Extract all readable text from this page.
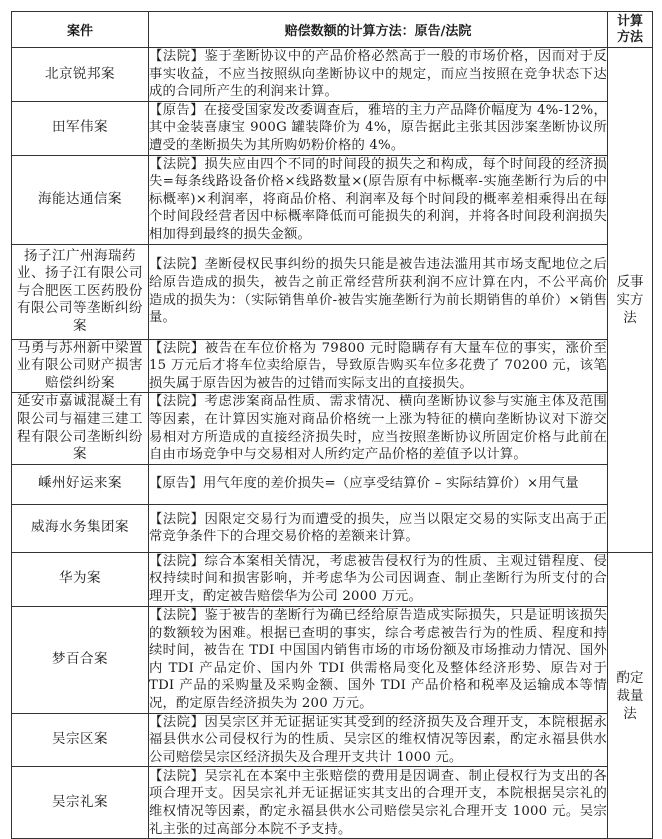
案件	赔偿数额的计算方法：原告/法院	计算方法
北京锐邦案	【法院】鉴于垄断协议中的产品价格必然高于一般的市场价格，因而对于反事实收益，不应当按照纵向垄断协议中的规定，而应当按照在竞争状态下达成的合同所产生的利润来计算。	反事实方法
田军伟案	【原告】在接受国家发改委调查后，雅培的主力产品降价幅度为 4%-12%，其中金装喜康宝 900G 罐装降价为 4%，原告据此主张其因涉案垄断协议所遭受的垄断损失为其所购奶粉价格的 4%。	
海能达通信案	【法院】损失应由四个不同的时间段的损失之和构成，每个时间段的经济损失=每条线路设备价格×线路数量×(原告原有中标概率-实施垄断行为后的中标概率)×利润率，将商品价格、利润率及每个时间段的概率差相乘得出在每个时间段经营者因中标概率降低而可能损失的利润，并将各时间段利润损失相加得到最终的损失金额。	
扬子江广州海瑞药业、扬子江有限公司与合肥医工医药股份有限公司等垄断纠纷案	【法院】垄断侵权民事纠纷的损失只能是被告违法滥用其市场支配地位之后给原告造成的损失，被告之前正常经营所获利润不应计算在内，不公平高价造成的损失为：（实际销售单价-被告实施垄断行为前长期销售的单价）×销售量。	
马勇与苏州新中梁置业有限公司财产损害赔偿纠纷案	【法院】被告在车位价格为 79800 元时隐瞒存有大量车位的事实，涨价至 15 万元后才将车位卖给原告，导致原告购买车位多花费了 70200 元，该笔损失属于原告因为被告的过错而实际支出的直接损失。	
延安市嘉诚混凝土有限公司与福建三建工程有限公司垄断纠纷案	【法院】考虑涉案商品性质、需求情况、横向垄断协议参与实施主体及范围等因素，在计算因实施对商品价格统一上涨为特征的横向垄断协议对下游交易相对方所造成的直接经济损失时，应当按照垄断协议所固定价格与此前在自由市场竞争中与交易相对人所约定产品价格的差值予以计算。	
嵊州好运来案	【原告】用气年度的差价损失=（应享受结算价 – 实际结算价）×用气量	
威海水务集团案	【法院】因限定交易行为而遭受的损失，应当以限定交易的实际支出高于正常竞争条件下的合理交易价格的差额来计算。	
华为案	【法院】综合本案相关情况，考虑被告侵权行为的性质、主观过错程度、侵权持续时间和损害影响，并考虑华为公司因调查、制止垄断行为所支付的合理开支，酌定被告赔偿华为公司 2000 万元。	酌定裁量法
梦百合案	【法院】鉴于被告的垄断行为确已经给原告造成实际损失，只是证明该损失的数额较为困难。根据已查明的事实，综合考虑被告行为的性质、程度和持续时间，被告在 TDI 中国国内销售市场的市场份额及市场推动力情况、国外内 TDI 产品定价、国内外 TDI 供需格局变化及整体经济形势、原告对于 TDI 产品的采购量及采购金额、国外 TDI 产品价格和税率及运输成本等情况，酌定原告经济损失为 200 万元。	
吴宗区案	【法院】因吴宗区并无证据证实其受到的经济损失及合理开支，本院根据永福县供水公司侵权行为的性质、吴宗区的维权情况等因素，酌定永福县供水公司赔偿吴宗区经济损失及合理开支共计 1000 元。	
吴宗礼案	【法院】吴宗礼在本案中主张赔偿的费用是因调查、制止侵权行为支出的各项合理开支。因吴宗礼并无证据证实其支出的合理开支，本院根据吴宗礼的维权情况等因素，酌定永福县供水公司赔偿吴宗礼合理开支 1000 元。吴宗礼主张的过高部分本院不予支持。	
